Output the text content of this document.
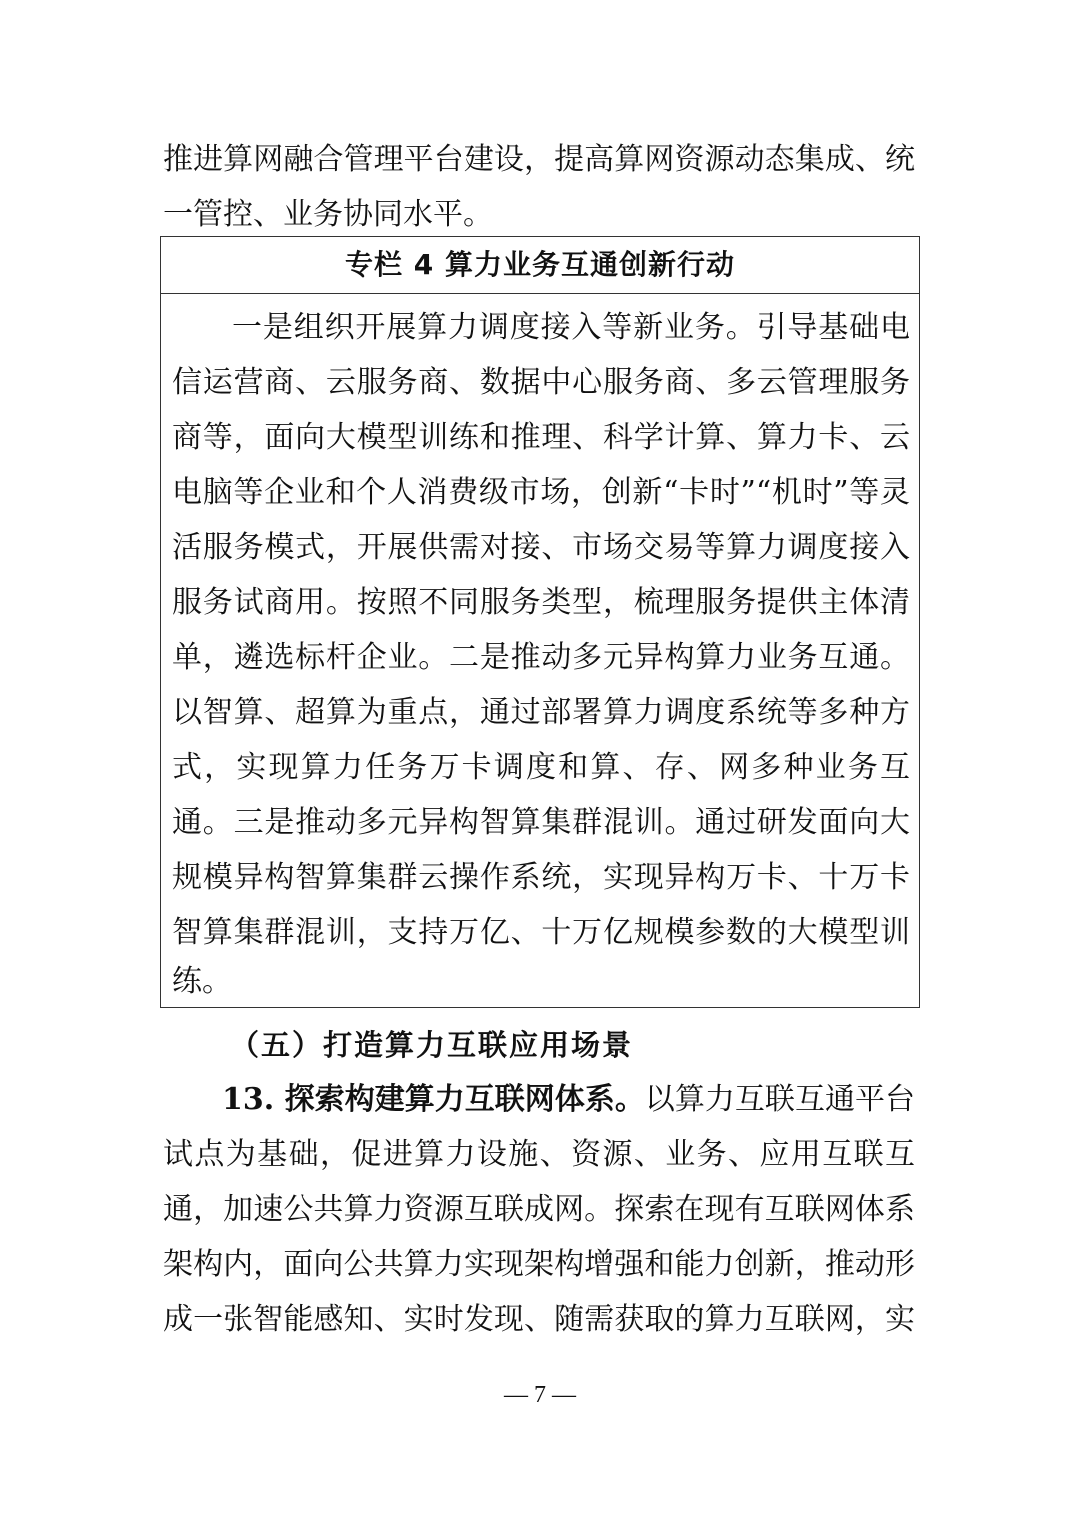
推进算网融合管理平台建设，提高算网资源动态集成、统
一管控、业务协同水平。
专栏 4 算力业务互通创新行动
一是组织开展算力调度接入等新业务。引导基础电
信运营商、云服务商、数据中心服务商、多云管理服务
商等，面向大模型训练和推理、科学计算、算力卡、云
电脑等企业和个人消费级市场，创新“卡时”“机时”等灵
活服务模式，开展供需对接、市场交易等算力调度接入
服务试商用。按照不同服务类型，梳理服务提供主体清
单，遴选标杆企业。二是推动多元异构算力业务互通。
以智算、超算为重点，通过部署算力调度系统等多种方
式，实现算力任务万卡调度和算、存、网多种业务互
通。三是推动多元异构智算集群混训。通过研发面向大
规模异构智算集群云操作系统，实现异构万卡、十万卡
智算集群混训，支持万亿、十万亿规模参数的大模型训
练。
（五）打造算力互联应用场景
13. 探索构建算力互联网体系。以算力互联互通平台
试点为基础，促进算力设施、资源、业务、应用互联互
通，加速公共算力资源互联成网。探索在现有互联网体系
架构内，面向公共算力实现架构增强和能力创新，推动形
成一张智能感知、实时发现、随需获取的算力互联网，实
— 7 —
